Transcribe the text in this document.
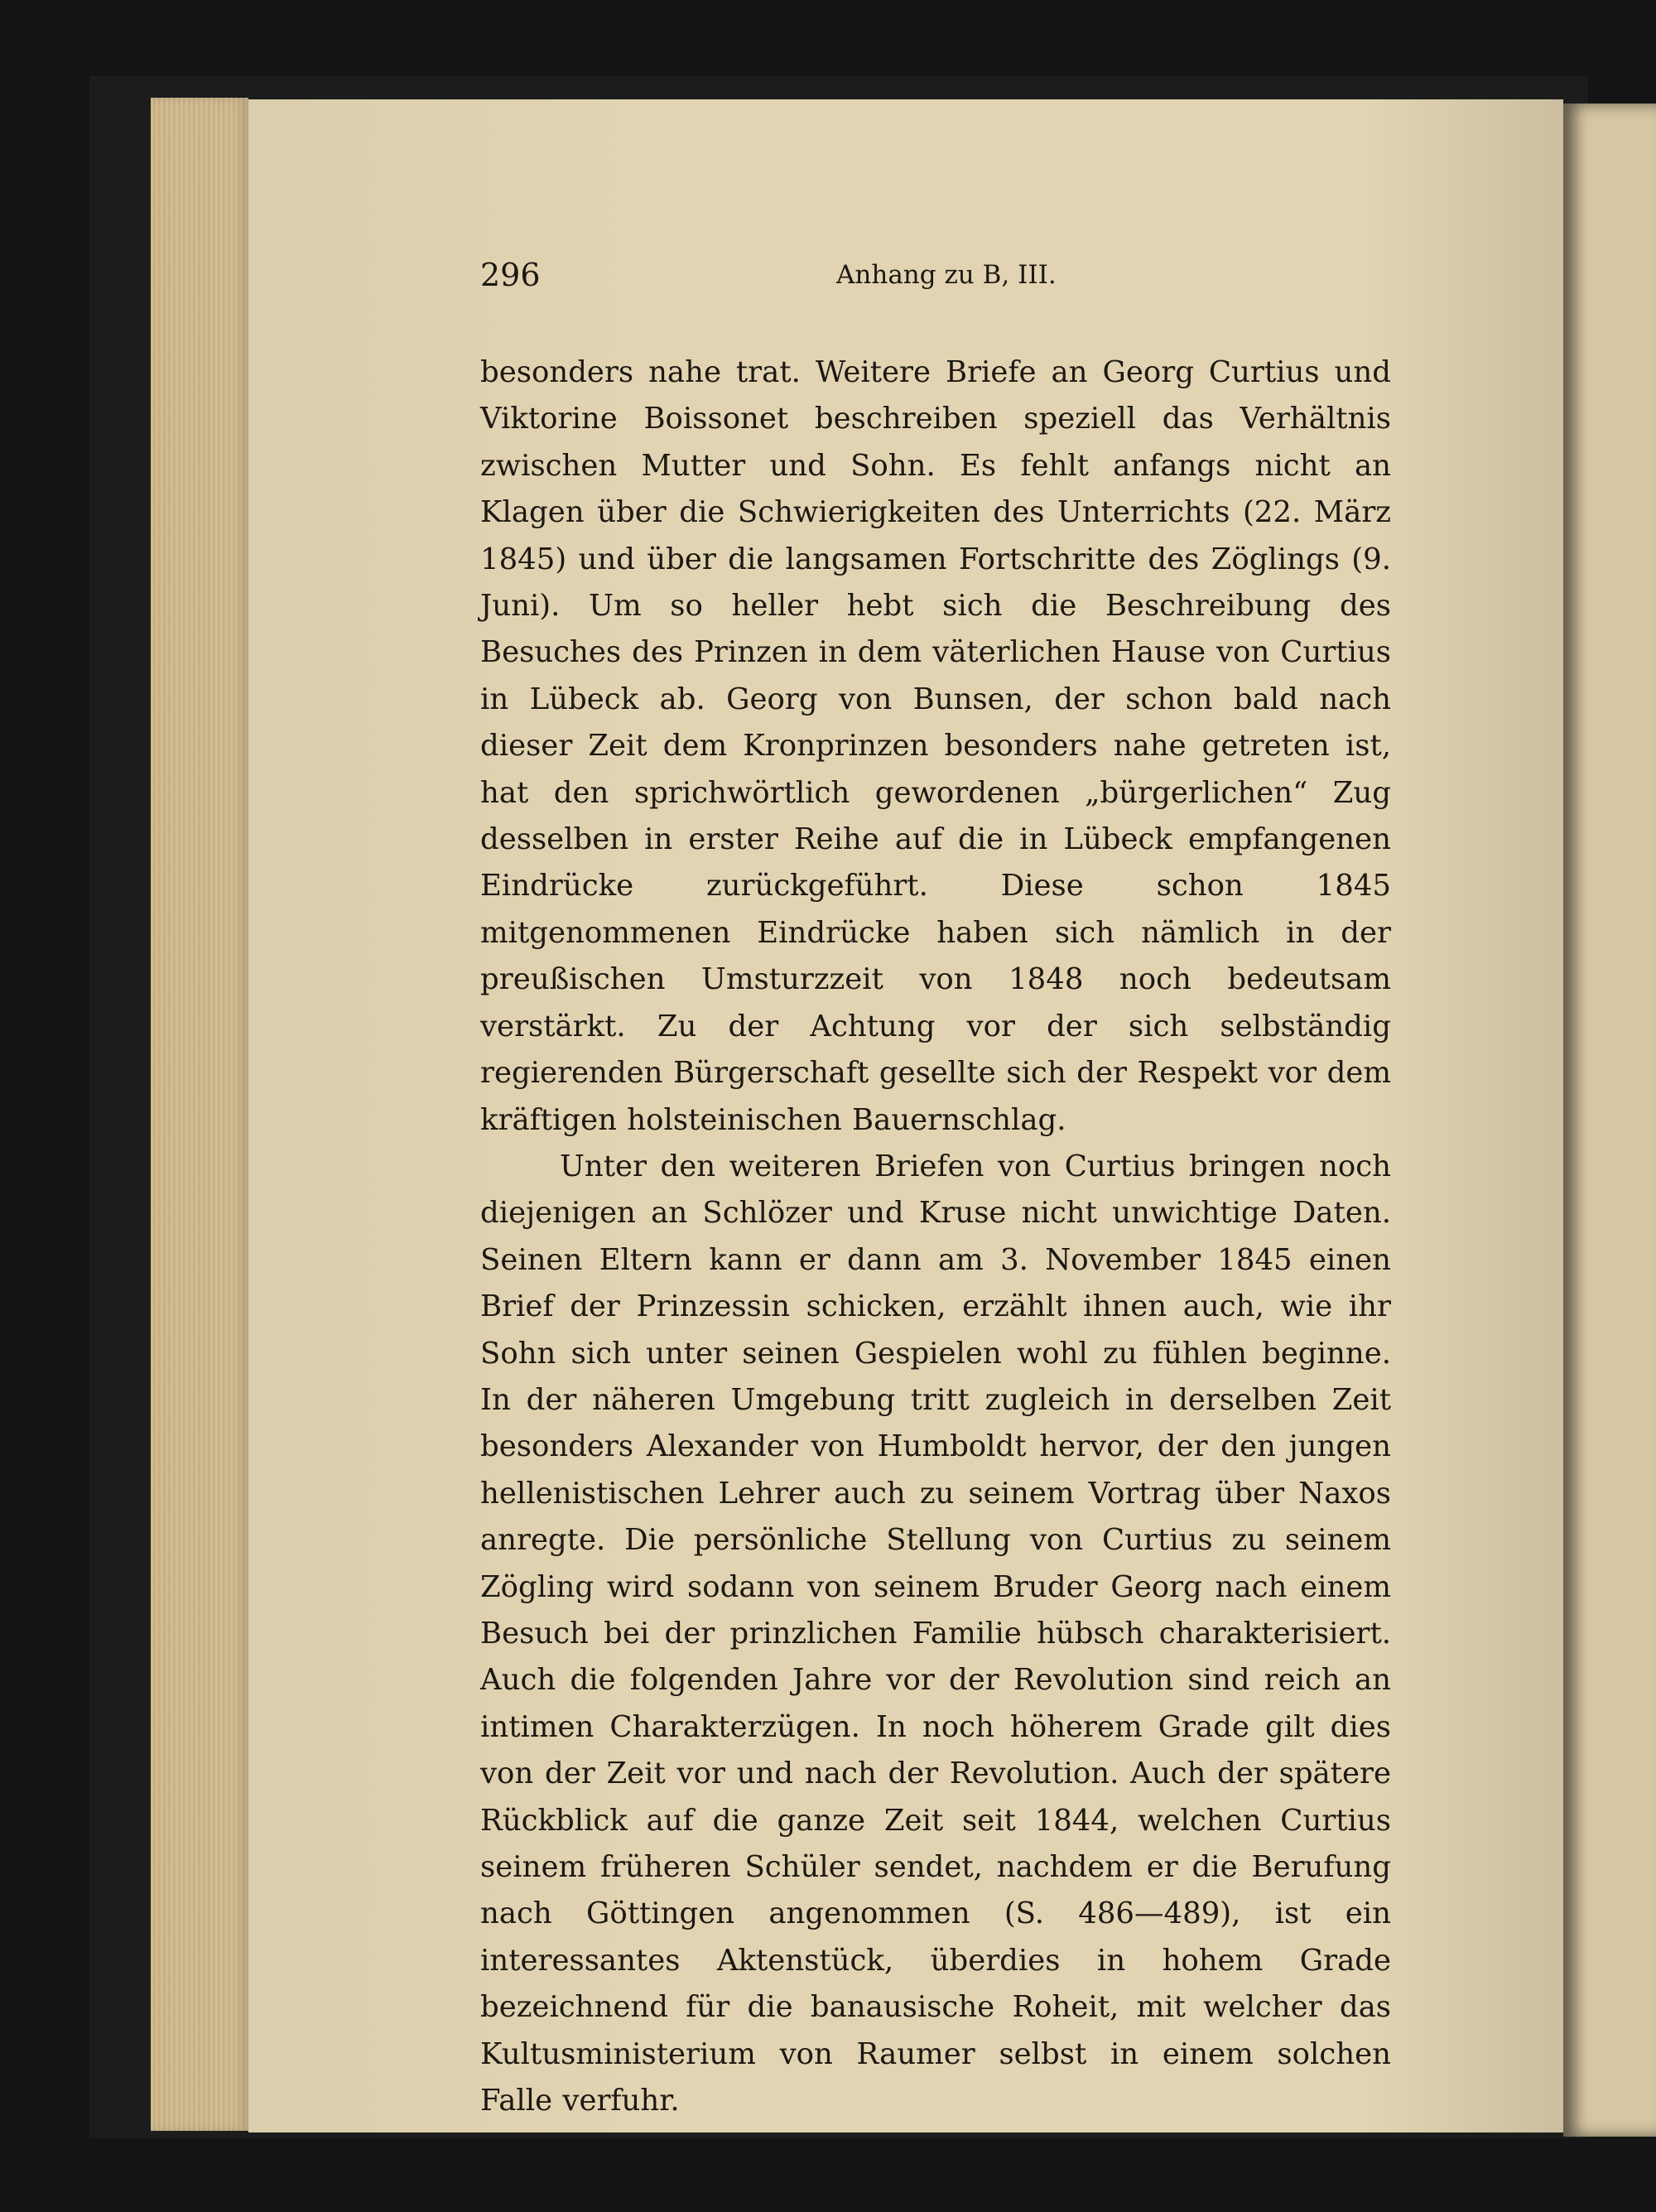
296	Anhang zu B, III.

besonders nahe trat. Weitere Briefe an Georg Curtius und Viktorine Boissonet beschreiben speziell das Verhältnis zwischen Mutter und Sohn. Es fehlt anfangs nicht an Klagen über die Schwierigkeiten des Unterrichts (22. März 1845) und über die langsamen Fortschritte des Zöglings (9. Juni). Um so heller hebt sich die Beschreibung des Besuches des Prinzen in dem väterlichen Hause von Curtius in Lübeck ab. Georg von Bunsen, der schon bald nach dieser Zeit dem Kronprinzen besonders nahe getreten ist, hat den sprichwörtlich gewordenen „bürgerlichen“ Zug desselben in erster Reihe auf die in Lübeck empfangenen Eindrücke zurückgeführt. Diese schon 1845 mitgenommenen Eindrücke haben sich nämlich in der preußischen Umsturzzeit von 1848 noch bedeutsam verstärkt. Zu der Achtung vor der sich selbständig regierenden Bürgerschaft gesellte sich der Respekt vor dem kräftigen holsteinischen Bauernschlag.

Unter den weiteren Briefen von Curtius bringen noch diejenigen an Schlözer und Kruse nicht unwichtige Daten. Seinen Eltern kann er dann am 3. November 1845 einen Brief der Prinzessin schicken, erzählt ihnen auch, wie ihr Sohn sich unter seinen Gespielen wohl zu fühlen beginne. In der näheren Umgebung tritt zugleich in derselben Zeit besonders Alexander von Humboldt hervor, der den jungen hellenistischen Lehrer auch zu seinem Vortrag über Naxos anregte. Die persönliche Stellung von Curtius zu seinem Zögling wird sodann von seinem Bruder Georg nach einem Besuch bei der prinzlichen Familie hübsch charakterisiert. Auch die folgenden Jahre vor der Revolution sind reich an intimen Charakterzügen. In noch höherem Grade gilt dies von der Zeit vor und nach der Revolution. Auch der spätere Rückblick auf die ganze Zeit seit 1844, welchen Curtius seinem früheren Schüler sendet, nachdem er die Berufung nach Göttingen angenommen (S. 486—489), ist ein interessantes Aktenstück, überdies in hohem Grade bezeichnend für die banausische Roheit, mit welcher das Kultusministerium von Raumer selbst in einem solchen Falle verfuhr.
